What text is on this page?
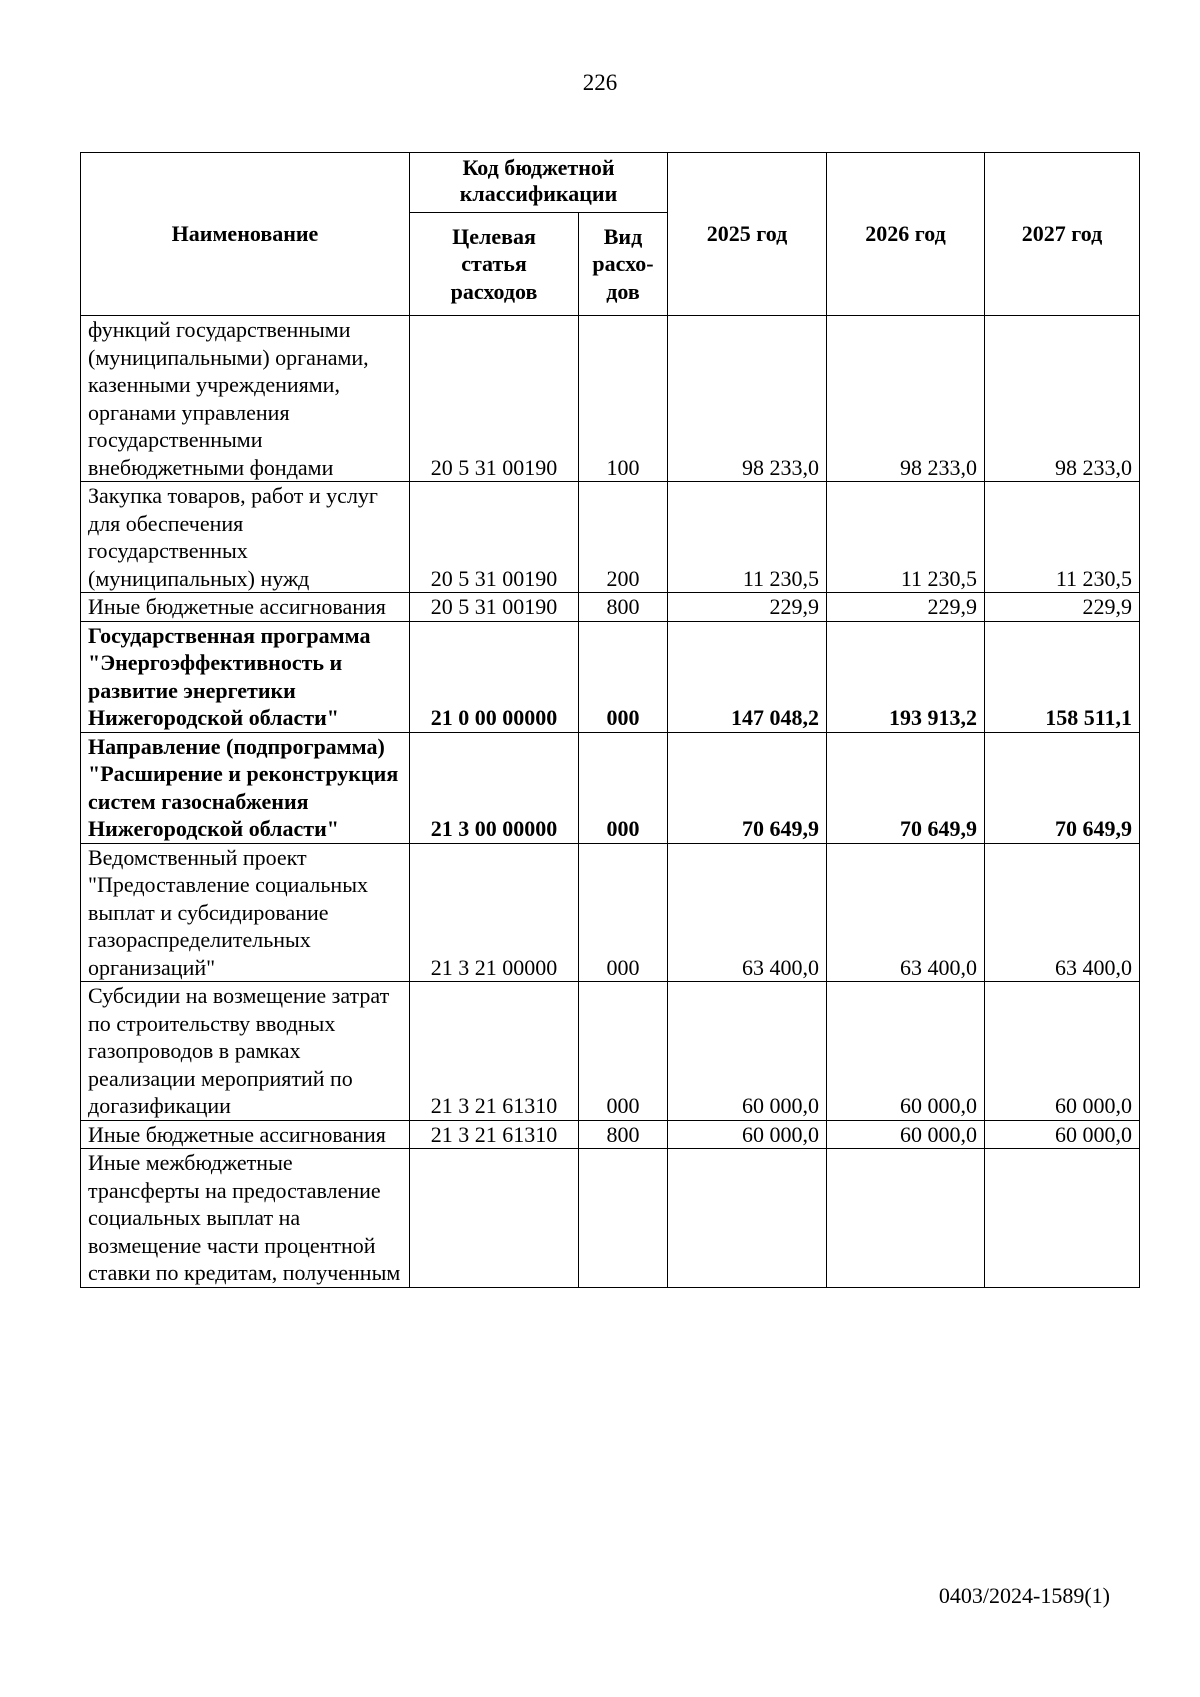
226
Наименование	Код бюджетной классификации		2025 год	2026 год	2027 год
	Целевая статья расходов	Вид расхо-дов			
функций государственными (муниципальными) органами, казенными учреждениями, органами управления государственными внебюджетными фондами	20 5 31 00190	100	98 233,0	98 233,0	98 233,0
Закупка товаров, работ и услуг для обеспечения государственных (муниципальных) нужд	20 5 31 00190	200	11 230,5	11 230,5	11 230,5
Иные бюджетные ассигнования	20 5 31 00190	800	229,9	229,9	229,9
Государственная программа "Энергоэффективность и развитие энергетики Нижегородской области"	21 0 00 00000	000	147 048,2	193 913,2	158 511,1
Направление (подпрограмма) "Расширение и реконструкция систем газоснабжения Нижегородской области"	21 3 00 00000	000	70 649,9	70 649,9	70 649,9
Ведомственный проект "Предоставление социальных выплат и субсидирование газораспределительных организаций"	21 3 21 00000	000	63 400,0	63 400,0	63 400,0
Субсидии на возмещение затрат по строительству вводных газопроводов в рамках реализации мероприятий по догазификации	21 3 21 61310	000	60 000,0	60 000,0	60 000,0
Иные бюджетные ассигнования	21 3 21 61310	800	60 000,0	60 000,0	60 000,0
Иные межбюджетные трансферты на предоставление социальных выплат на возмещение части процентной ставки по кредитам, полученным					
0403/2024-1589(1)
